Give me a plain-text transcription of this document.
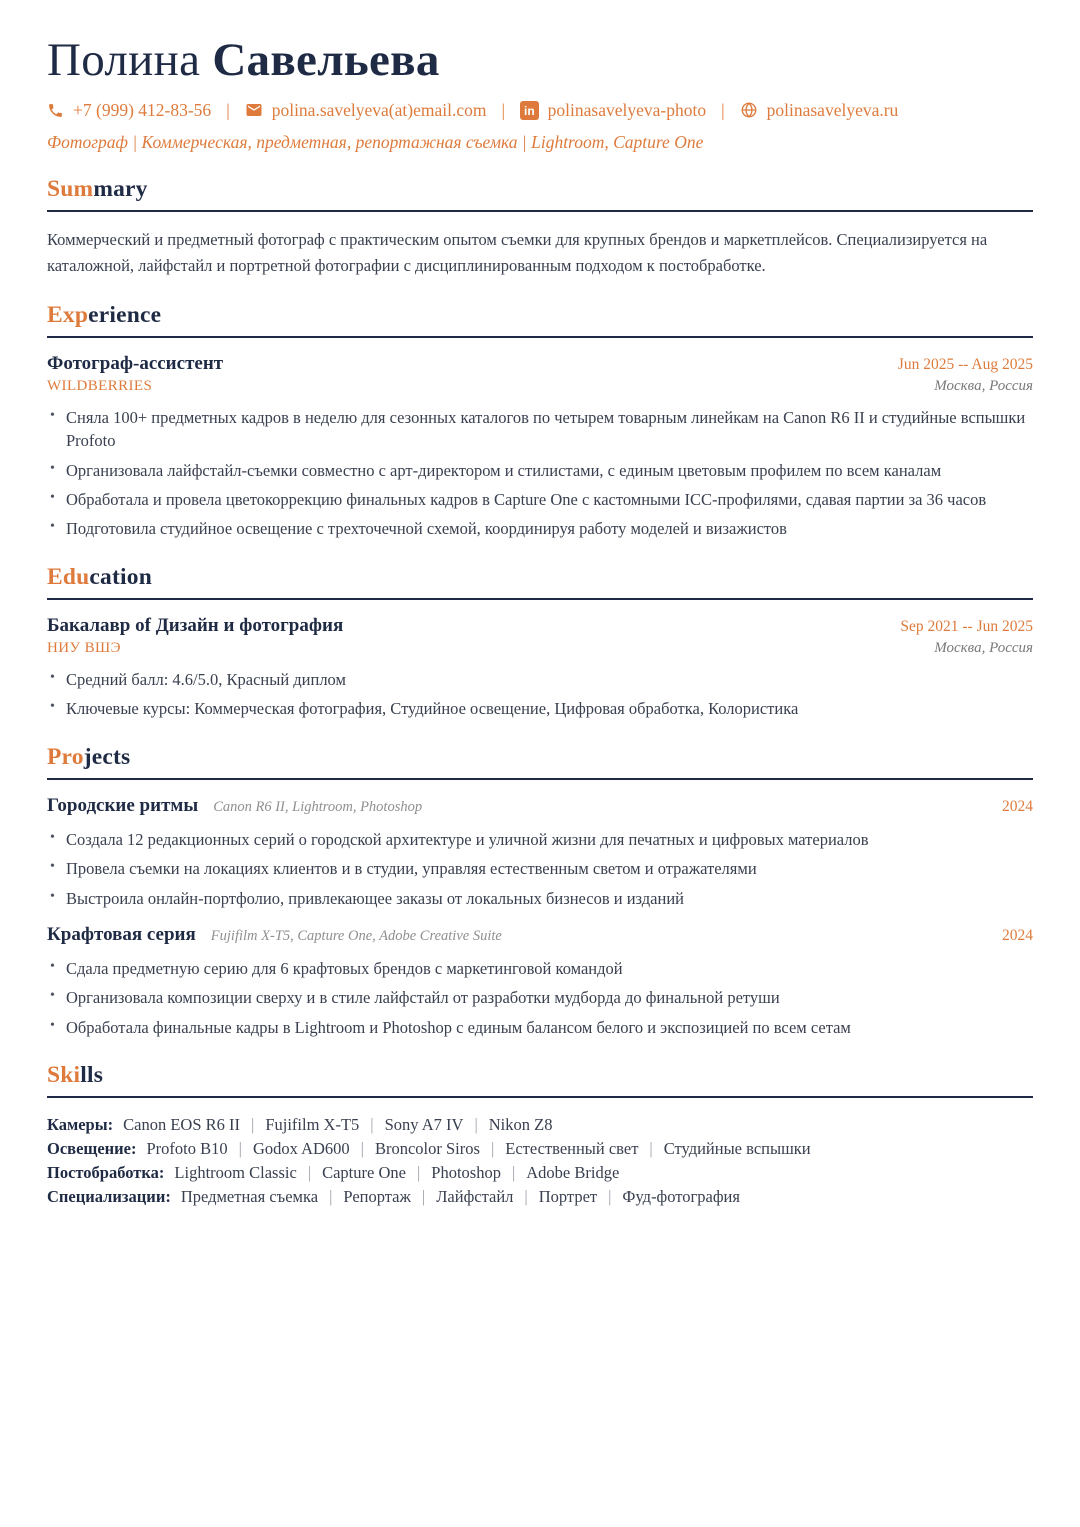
Полина Савельева
+7 (999) 412-83-56 | polina.savelyeva(at)email.com |	in polinasavelyeva-photo | polinasavelyeva.ru
Фотограф | Коммерческая, предметная, репортажная съемка | Lightroom, Capture One
Summary

Коммерческий и предметный фотограф с практическим опытом съемки для крупных брендов и маркетплейсов. Специализируется на каталожной, лайфстайл и портретной фотографии с дисциплинированным подходом к постобработке.

Experience
Фотограф-ассистент	Jun 2025 -- Aug 2025
WILDBERRIES	Москва, Россия
• Сняла 100+ предметных кадров в неделю для сезонных каталогов по четырем товарным линейкам на Canon R6 II и студийные вспышки Profoto
• Организовала лайфстайл-съемки совместно с арт-директором и стилистами, с единым цветовым профилем по всем каналам
• Обработала и провела цветокоррекцию финальных кадров в Capture One с кастомными ICC-профилями, сдавая партии за 36 часов
• Подготовила студийное освещение с трехточечной схемой, координируя работу моделей и визажистов
Education
Бакалавр of Дизайн и фотография	Sep 2021 -- Jun 2025
НИУ ВШЭ	Москва, Россия
• Средний балл: 4.6/5.0, Красный диплом
• Ключевые курсы: Коммерческая фотография, Студийное освещение, Цифровая обработка, Колористика
Projects
Городские ритмы Canon R6 II, Lightroom, Photoshop	2024
• Создала 12 редакционных серий о городской архитектуре и уличной жизни для печатных и цифровых материалов
• Провела съемки на локациях клиентов и в студии, управляя естественным светом и отражателями
• Выстроила онлайн-портфолио, привлекающее заказы от локальных бизнесов и изданий
Крафтовая серия Fujifilm X-T5, Capture One, Adobe Creative Suite	2024
• Сдала предметную серию для 6 крафтовых брендов с маркетинговой командой
• Организовала композиции сверху и в стиле лайфстайл от разработки мудборда до финальной ретуши
• Обработала финальные кадры в Lightroom и Photoshop с единым балансом белого и экспозицией по всем сетам
Skills

Камеры: Canon EOS R6 II | Fujifilm X-T5 | Sony A7 IV | Nikon Z8

Освещение: Profoto B10 | Godox AD600 | Broncolor Siros | Естественный свет | Студийные вспышки

Постобработка: Lightroom Classic | Capture One | Photoshop | Adobe Bridge

Специализации: Предметная съемка | Репортаж | Лайфстайл | Портрет | Фуд-фотография
